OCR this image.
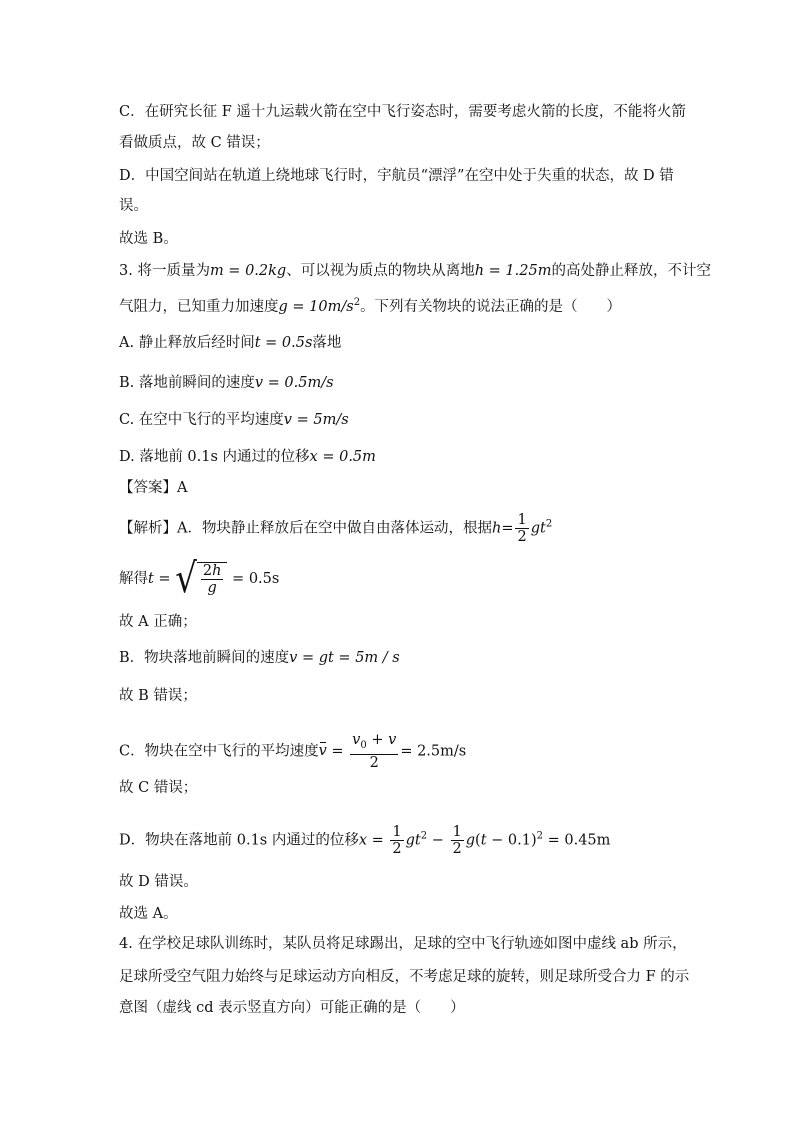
C．在研究长征 F 遥十九运载火箭在空中飞行姿态时，需要考虑火箭的长度，不能将火箭
看做质点，故 C 错误；
D．中国空间站在轨道上绕地球飞行时，宇航员“漂浮”在空中处于失重的状态，故 D 错
误。
故选 B。
3. 将一质量为m = 0.2kg、可以视为质点的物块从离地h = 1.25m的高处静止释放，不计空
气阻力，已知重力加速度$g = 10m/s^2$。下列有关物块的说法正确的是（　　）
A. 静止释放后经时间t = 0.5s落地
B. 落地前瞬间的速度v = 0.5m/s
C. 在空中飞行的平均速度v = 5m/s
D. 落地前 0.1s 内通过的位移x = 0.5m
【答案】A
【解析】A．物块静止释放后在空中做自由落体运动，根据$h= \frac{1}{2} gt^2$
解得t = √ $\frac{2h}{g} = 0.5s$
故 A 正确；
B．物块落地前瞬间的速度v = gt = 5m / s
故 B 错误；
C．物块在空中飞行的平均速度$v = \frac{v_0 + v}{2} = 2.5m/s$
故 C 错误；
D．物块在落地前 0.1s 内通过的位移$x = \frac{1}{2} gt^2 - \frac{1}{2} g(t - 0.1)^2 = 0.45m$
故 D 错误。
故选 A。
4. 在学校足球队训练时，某队员将足球踢出，足球的空中飞行轨迹如图中虚线 ab 所示，
足球所受空气阻力始终与足球运动方向相反，不考虑足球的旋转，则足球所受合力 F 的示
意图（虚线 cd 表示竖直方向）可能正确的是（　　）
